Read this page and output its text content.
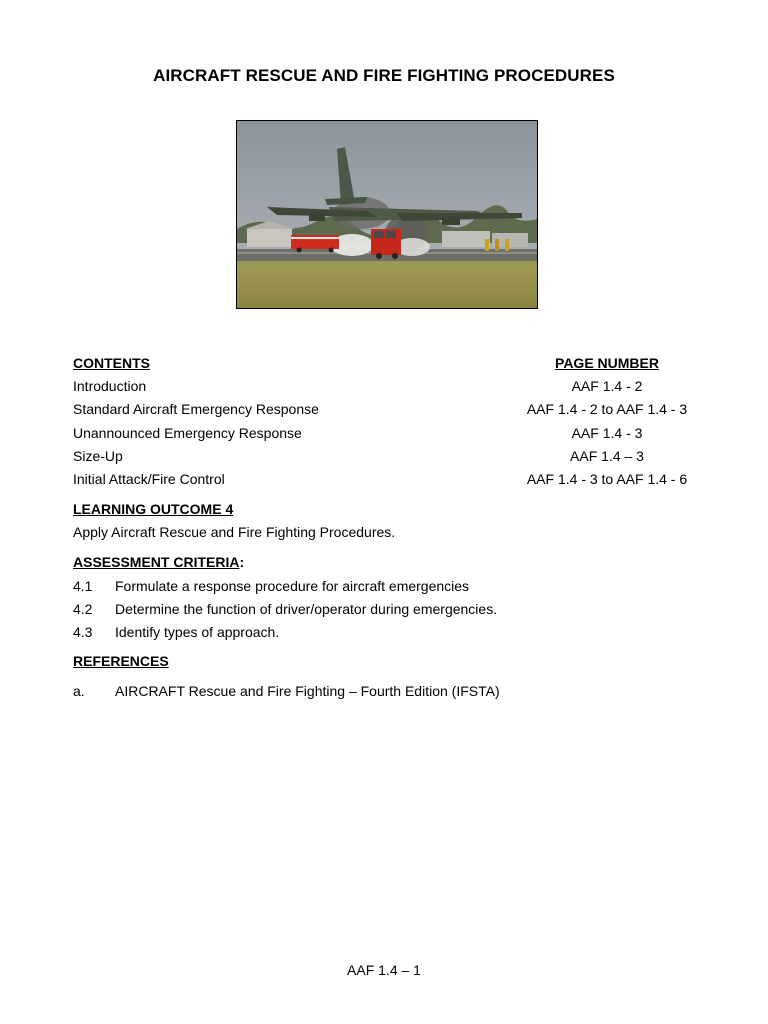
AIRCRAFT RESCUE AND FIRE FIGHTING PROCEDURES
CONTENTS	PAGE NUMBER
Introduction	AAF 1.4 - 2
Standard Aircraft Emergency Response	AAF 1.4 - 2 to AAF 1.4 - 3
Unannounced Emergency Response	AAF 1.4 - 3
Size-Up	AAF 1.4 – 3
Initial Attack/Fire Control	AAF 1.4 - 3 to AAF 1.4 - 6
LEARNING OUTCOME 4
Apply Aircraft Rescue and Fire Fighting Procedures.
ASSESSMENT CRITERIA:
4.1 Formulate a response procedure for aircraft emergencies
4.2 Determine the function of driver/operator during emergencies.
4.3 Identify types of approach.
REFERENCES
a. AIRCRAFT Rescue and Fire Fighting – Fourth Edition (IFSTA)
AAF 1.4 – 1
